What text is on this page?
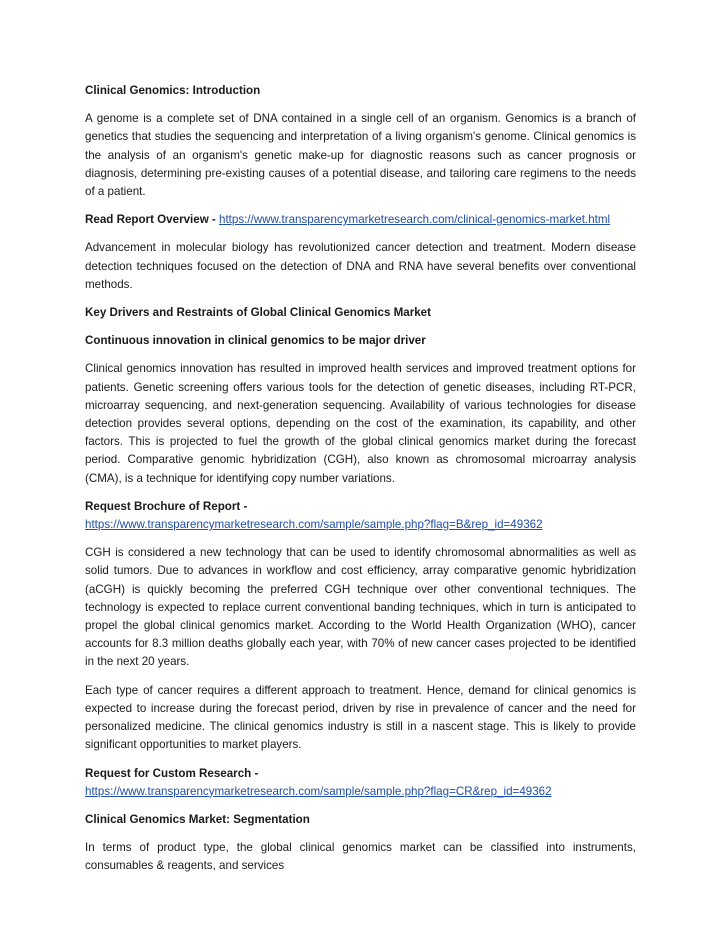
Clinical Genomics: Introduction

A genome is a complete set of DNA contained in a single cell of an organism. Genomics is a branch of genetics that studies the sequencing and interpretation of a living organism's genome. Clinical genomics is the analysis of an organism's genetic make-up for diagnostic reasons such as cancer prognosis or diagnosis, determining pre-existing causes of a potential disease, and tailoring care regimens to the needs of a patient.

Read Report Overview - https://www.transparencymarketresearch.com/clinical-genomics-market.html

Advancement in molecular biology has revolutionized cancer detection and treatment. Modern disease detection techniques focused on the detection of DNA and RNA have several benefits over conventional methods.

Key Drivers and Restraints of Global Clinical Genomics Market
Continuous innovation in clinical genomics to be major driver

Clinical genomics innovation has resulted in improved health services and improved treatment options for patients. Genetic screening offers various tools for the detection of genetic diseases, including RT-PCR, microarray sequencing, and next-generation sequencing. Availability of various technologies for disease detection provides several options, depending on the cost of the examination, its capability, and other factors. This is projected to fuel the growth of the global clinical genomics market during the forecast period. Comparative genomic hybridization (CGH), also known as chromosomal microarray analysis (CMA), is a technique for identifying copy number variations.

Request Brochure of Report -
https://www.transparencymarketresearch.com/sample/sample.php?flag=B&rep_id=49362

CGH is considered a new technology that can be used to identify chromosomal abnormalities as well as solid tumors. Due to advances in workflow and cost efficiency, array comparative genomic hybridization (aCGH) is quickly becoming the preferred CGH technique over other conventional techniques. The technology is expected to replace current conventional banding techniques, which in turn is anticipated to propel the global clinical genomics market. According to the World Health Organization (WHO), cancer accounts for 8.3 million deaths globally each year, with 70% of new cancer cases projected to be identified in the next 20 years.

Each type of cancer requires a different approach to treatment. Hence, demand for clinical genomics is expected to increase during the forecast period, driven by rise in prevalence of cancer and the need for personalized medicine. The clinical genomics industry is still in a nascent stage. This is likely to provide significant opportunities to market players.

Request for Custom Research -
https://www.transparencymarketresearch.com/sample/sample.php?flag=CR&rep_id=49362

Clinical Genomics Market: Segmentation

In terms of product type, the global clinical genomics market can be classified into instruments, consumables & reagents, and services
